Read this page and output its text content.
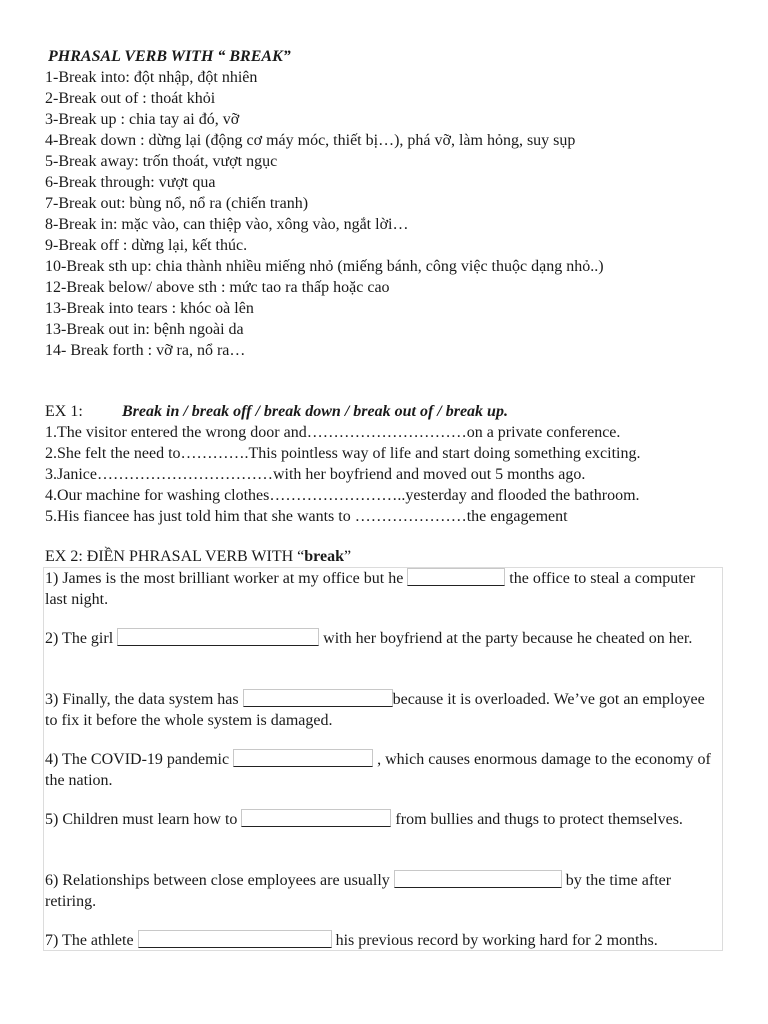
PHRASAL VERB WITH “ BREAK”
1-Break into: đột nhập, đột nhiên
2-Break out of : thoát khỏi
3-Break up : chia tay ai đó, vỡ
4-Break down : dừng lại (động cơ máy móc, thiết bị…), phá vỡ, làm hỏng, suy sụp
5-Break away: trốn thoát, vượt ngục
6-Break through: vượt qua
7-Break out: bùng nổ, nổ ra (chiến tranh)
8-Break in: mặc vào, can thiệp vào, xông vào, ngắt lời…
9-Break off : dừng lại, kết thúc.
10-Break sth up: chia thành nhiều miếng nhỏ (miếng bánh, công việc thuộc dạng nhỏ..)
12-Break below/ above sth : mức tao ra thấp hoặc cao
13-Break into tears : khóc oà lên
13-Break out in: bệnh ngoài da
14- Break forth : vỡ ra, nổ ra…
EX 1: Break in / break off / break down / break out of / break up.
1.The visitor entered the wrong door and…………………………on a private conference.
2.She felt the need to………….This pointless way of life and start doing something exciting.
3.Janice……………………………with her boyfriend and moved out 5 months ago.
4.Our machine for washing clothes……………………..yesterday and flooded the bathroom.
5.His fiancee has just told him that she wants to …………………the engagement
EX 2: ĐIỀN PHRASAL VERB WITH “break”
1) James is the most brilliant worker at my office but he	the office to steal a computer last night.
2) The girl	with her boyfriend at the party because he cheated on her.
3) Finally, the data system has	because it is overloaded. We’ve got an employee to fix it before the whole system is damaged.
4) The COVID-19 pandemic	, which causes enormous damage to the economy of the nation.
5) Children must learn how to	from bullies and thugs to protect themselves.
6) Relationships between close employees are usually	by the time after retiring.
7) The athlete	his previous record by working hard for 2 months.
